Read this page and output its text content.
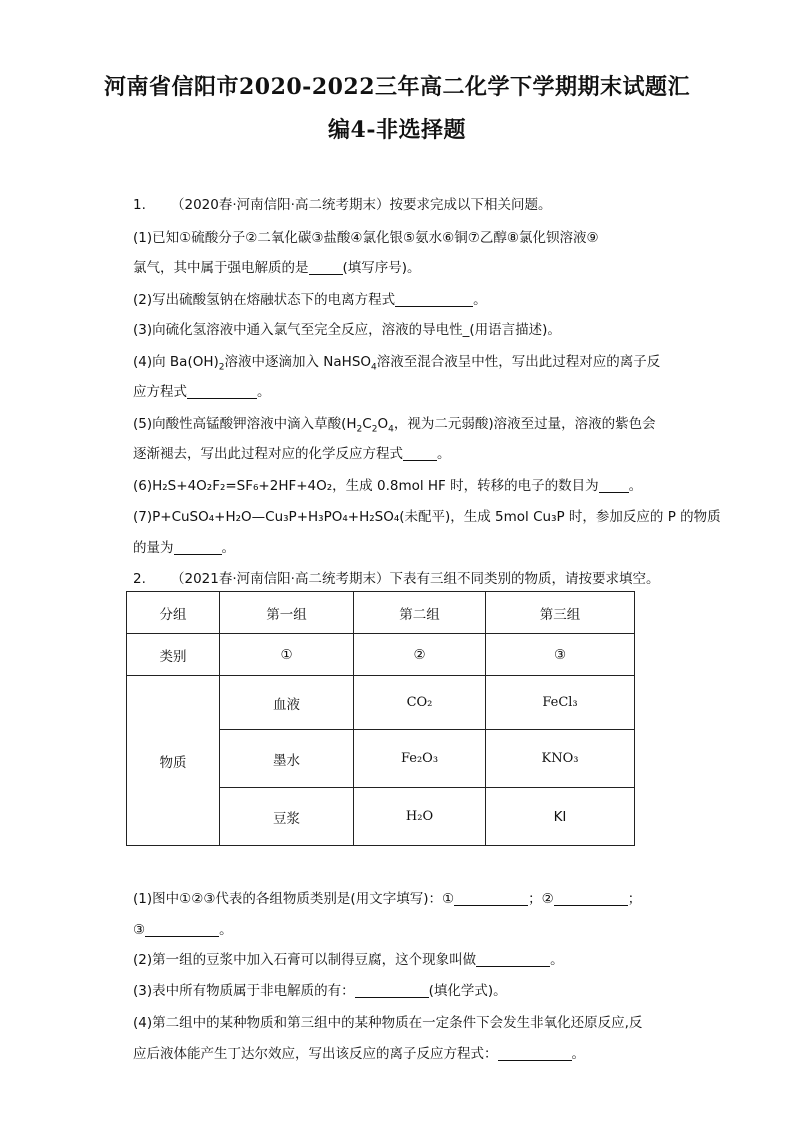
河南省信阳市2020-2022三年高二化学下学期期末试题汇
编4-非选择题
1. （2020春·河南信阳·高二统考期末）按要求完成以下相关问题。
(1)已知①硫酸分子②二氧化碳③盐酸④氯化银⑤氨水⑥铜⑦乙醇⑧氯化钡溶液⑨
氯气，其中属于强电解质的是	(填写序号)。
(2)写出硫酸氢钠在熔融状态下的电离方程式	。
(3)向硫化氢溶液中通入氯气至完全反应，溶液的导电性_(用语言描述)。
(4)向 $Ba(OH)_2$溶液中逐滴加入 NaHSO$_4$溶液至混合液呈中性，写出此过程对应的离子反
应方程式	。
(5)向酸性高锰酸钾溶液中滴入草酸($H_2C_2O_4$，视为二元弱酸)溶液至过量，溶液的紫色会
逐渐褪去，写出此过程对应的化学反应方程式	。
(6)H₂S+4O₂F₂=SF₆+2HF+4O₂，生成 0.8mol HF 时，转移的电子的数目为 。
(7)P+CuSO₄+H₂O—Cu₃P+H₃PO₄+H₂SO₄(未配平)，生成 5mol Cu₃P 时，参加反应的 P 的物质
的量为	。
2. （2021春·河南信阳·高二统考期末）下表有三组不同类别的物质，请按要求填空。
分组	第一组	第二组	第三组
类别	①	②	③
物质	血液	CO₂	FeCl₃
	墨水	Fe₂O₃	KNO₃
	豆浆	H₂O	KI
(1)图中①②③代表的各组物质类别是(用文字填写)：①	；②	；
③	。
(2)第一组的豆浆中加入石膏可以制得豆腐，这个现象叫做	。
(3)表中所有物质属于非电解质的有：	(填化学式)。
(4)第二组中的某种物质和第三组中的某种物质在一定条件下会发生非氧化还原反应,反
应后液体能产生丁达尔效应，写出该反应的离子反应方程式：	。
